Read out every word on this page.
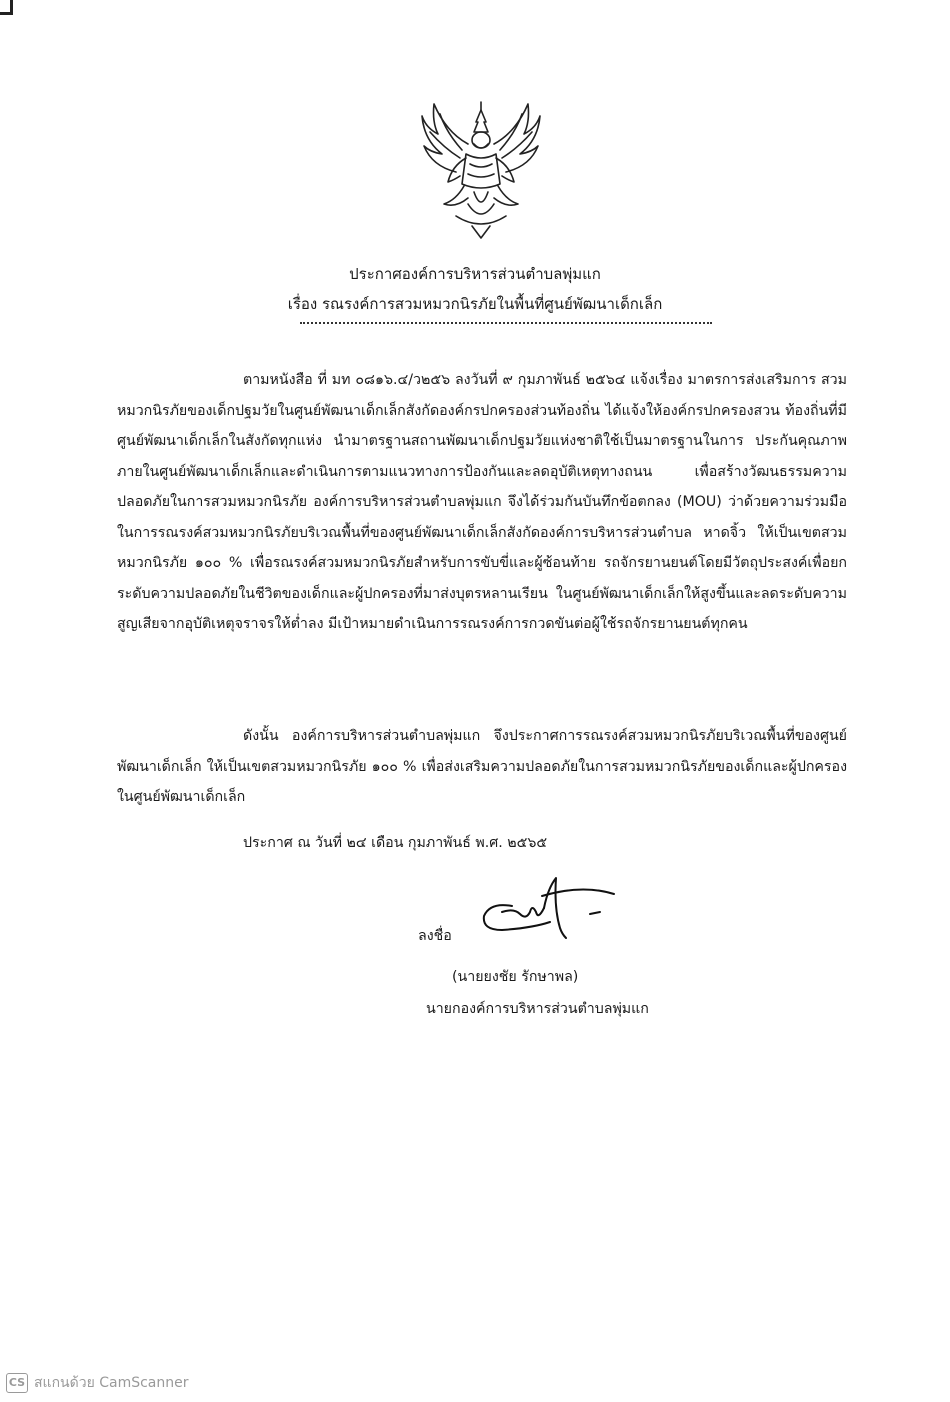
ประกาศองค์การบริหารส่วนตำบลพุ่มแก
เรื่อง รณรงค์การสวมหมวกนิรภัยในพื้นที่ศูนย์พัฒนาเด็กเล็ก
ตามหนังสือ ที่ มท ๐๘๑๖.๔/ว๒๕๖ ลงวันที่ ๙ กุมภาพันธ์ ๒๕๖๔ แจ้งเรื่อง มาตรการส่งเสริมการ สวมหมวกนิรภัยของเด็กปฐมวัยในศูนย์พัฒนาเด็กเล็กสังกัดองค์กรปกครองส่วนท้องถิ่น ได้แจ้งให้องค์กรปกครองสวน ท้องถิ่นที่มีศูนย์พัฒนาเด็กเล็กในสังกัดทุกแห่ง นำมาตรฐานสถานพัฒนาเด็กปฐมวัยแห่งชาติใช้เป็นมาตรฐานในการ ประกันคุณภาพภายในศูนย์พัฒนาเด็กเล็กและดำเนินการตามแนวทางการป้องกันและลดอุบัติเหตุทางถนน เพื่อสร้างวัฒนธรรมความปลอดภัยในการสวมหมวกนิรภัย องค์การบริหารส่วนตำบลพุ่มแก จึงได้ร่วมกันบันทึกข้อตกลง (MOU) ว่าด้วยความร่วมมือในการรณรงค์สวมหมวกนิรภัยบริเวณพื้นที่ของศูนย์พัฒนาเด็กเล็กสังกัดองค์การบริหารส่วนตำบล หาดจิ้ว ให้เป็นเขตสวมหมวกนิรภัย ๑๐๐ % เพื่อรณรงค์สวมหมวกนิรภัยสำหรับการขับขี่และผู้ซ้อนท้าย รถจักรยานยนต์โดยมีวัตถุประสงค์เพื่อยกระดับความปลอดภัยในชีวิตของเด็กและผู้ปกครองที่มาส่งบุตรหลานเรียน ในศูนย์พัฒนาเด็กเล็กให้สูงขึ้นและลดระดับความสูญเสียจากอุบัติเหตุจราจรให้ต่ำลง มีเป้าหมายดำเนินการรณรงค์การกวดขันต่อผู้ใช้รถจักรยานยนต์ทุกคน
ดังนั้น องค์การบริหารส่วนตำบลพุ่มแก จึงประกาศการรณรงค์สวมหมวกนิรภัยบริเวณพื้นที่ของศูนย์พัฒนาเด็กเล็ก ให้เป็นเขตสวมหมวกนิรภัย ๑๐๐ % เพื่อส่งเสริมความปลอดภัยในการสวมหมวกนิรภัยของเด็กและผู้ปกครองในศูนย์พัฒนาเด็กเล็ก
ประกาศ ณ วันที่ ๒๔ เดือน กุมภาพันธ์ พ.ศ. ๒๕๖๕
ลงชื่อ
(นายยงชัย รักษาพล)
นายกองค์การบริหารส่วนตำบลพุ่มแก
CS สแกนด้วย CamScanner
